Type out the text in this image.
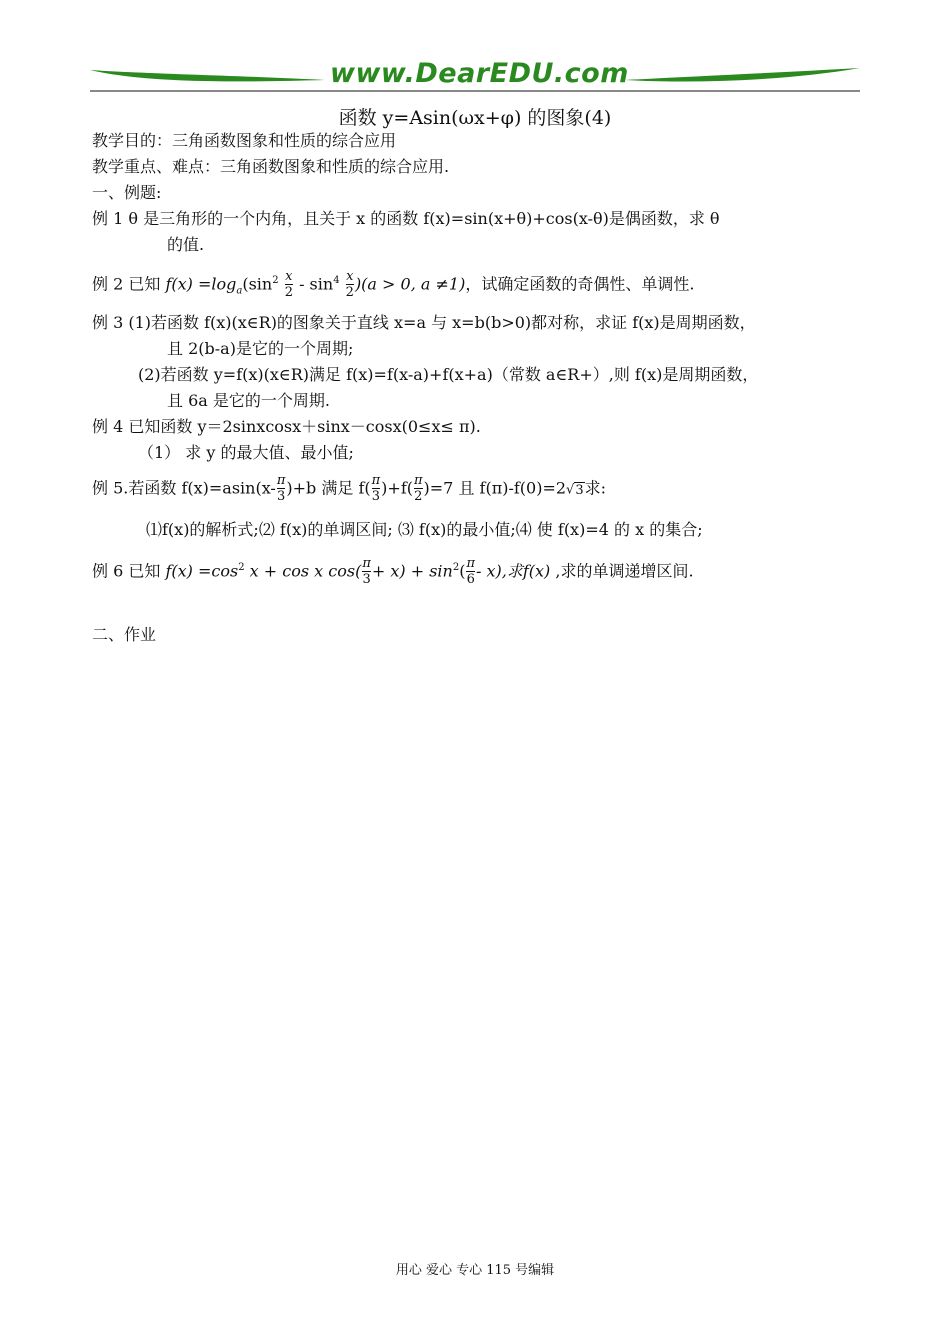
www.DearEDU.com
函数 y=Asin(ωx+φ) 的图象(4)
教学目的：三角函数图象和性质的综合应用
教学重点、难点：三角函数图象和性质的综合应用.
一、例题:
例 1 θ 是三角形的一个内角，且关于 x 的函数 f(x)=sin(x+θ)+cos(x-θ)是偶函数，求 θ
的值.
例 2 已知 $f(x) =\log_a(\sin^2 \frac{x}{2} - \sin^4 \frac{x}{2} )(a > 0$, a ≠1)，试确定函数的奇偶性、单调性.
例 3 (1)若函数 f(x)(x∈R)的图象关于直线 x=a 与 x=b(b>0)都对称，求证 f(x)是周期函数，
且 2(b-a)是它的一个周期;
(2)若函数 y=f(x)(x∈R)满足 f(x)=f(x-a)+f(x+a)（常数 a∈R+）,则 f(x)是周期函数，
且 6a 是它的一个周期.
例 4 已知函数 y＝2sinxcosx＋sinx－cosx(0≤x≤ π).
（1） 求 y 的最大值、最小值;
例 5.若函数 $f(x)=asin(x- \frac{\pi}{3} )+b$ 满足 $f( \frac{\pi}{3} )+f( \frac{\pi}{2} )=7$ 且 f(π)-f(0)=2√3求:
⑴f(x)的解析式;⑵ f(x)的单调区间; ⑶ f(x)的最小值;⑷ 使 f(x)=4 的 x 的集合;
例 6 已知 $f(x) =\cos^2$ x + cos x $\cos( \frac{\pi}{3} + x) + \sin^2( \frac{\pi}{6} - x)$,求f(x) ,求的单调递增区间.
二、作业
用心 爱心 专心 115 号编辑
